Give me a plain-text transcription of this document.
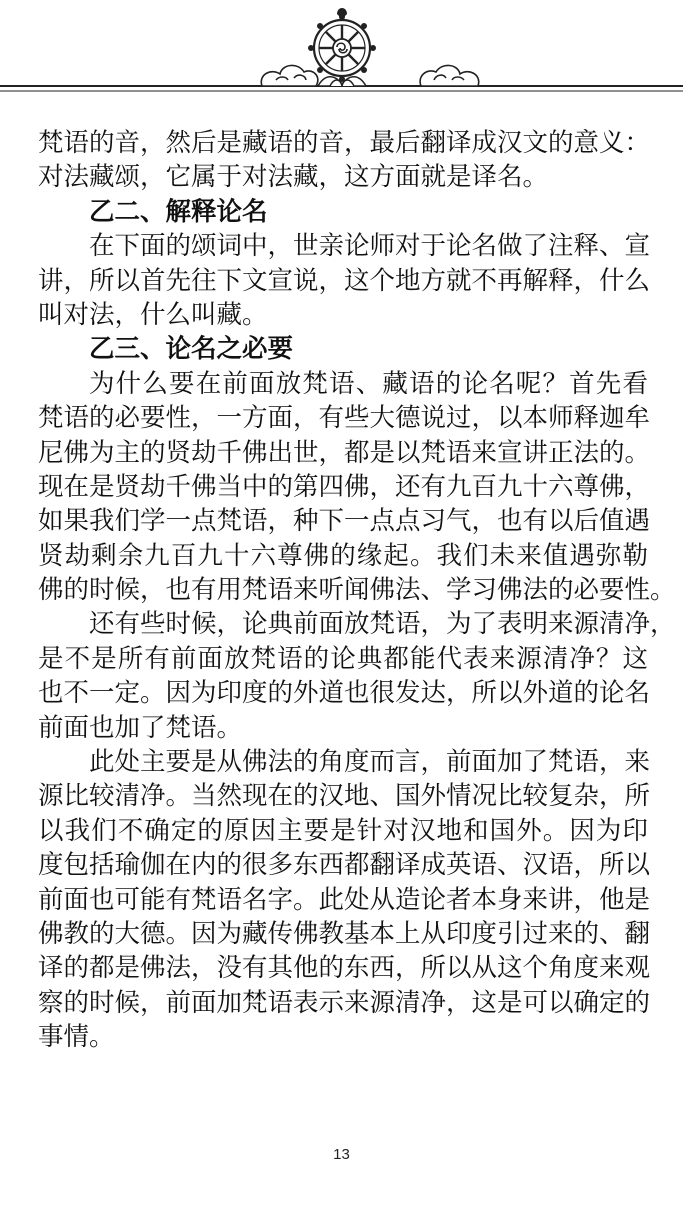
梵语的音，然后是藏语的音，最后翻译成汉文的意义：
对法藏颂，它属于对法藏，这方面就是译名。
乙二、解释论名
在下面的颂词中，世亲论师对于论名做了注释、宣
讲，所以首先往下文宣说，这个地方就不再解释，什么
叫对法，什么叫藏。
乙三、论名之必要
为什么要在前面放梵语、藏语的论名呢？首先看
梵语的必要性，一方面，有些大德说过，以本师释迦牟
尼佛为主的贤劫千佛出世，都是以梵语来宣讲正法的。
现在是贤劫千佛当中的第四佛，还有九百九十六尊佛，
如果我们学一点梵语，种下一点点习气，也有以后值遇
贤劫剩余九百九十六尊佛的缘起。我们未来值遇弥勒
佛的时候，也有用梵语来听闻佛法、学习佛法的必要性。
还有些时候，论典前面放梵语，为了表明来源清净，
是不是所有前面放梵语的论典都能代表来源清净？这
也不一定。因为印度的外道也很发达，所以外道的论名
前面也加了梵语。
此处主要是从佛法的角度而言，前面加了梵语，来
源比较清净。当然现在的汉地、国外情况比较复杂，所
以我们不确定的原因主要是针对汉地和国外。因为印
度包括瑜伽在内的很多东西都翻译成英语、汉语，所以
前面也可能有梵语名字。此处从造论者本身来讲，他是
佛教的大德。因为藏传佛教基本上从印度引过来的、翻
译的都是佛法，没有其他的东西，所以从这个角度来观
察的时候，前面加梵语表示来源清净，这是可以确定的
事情。
13
